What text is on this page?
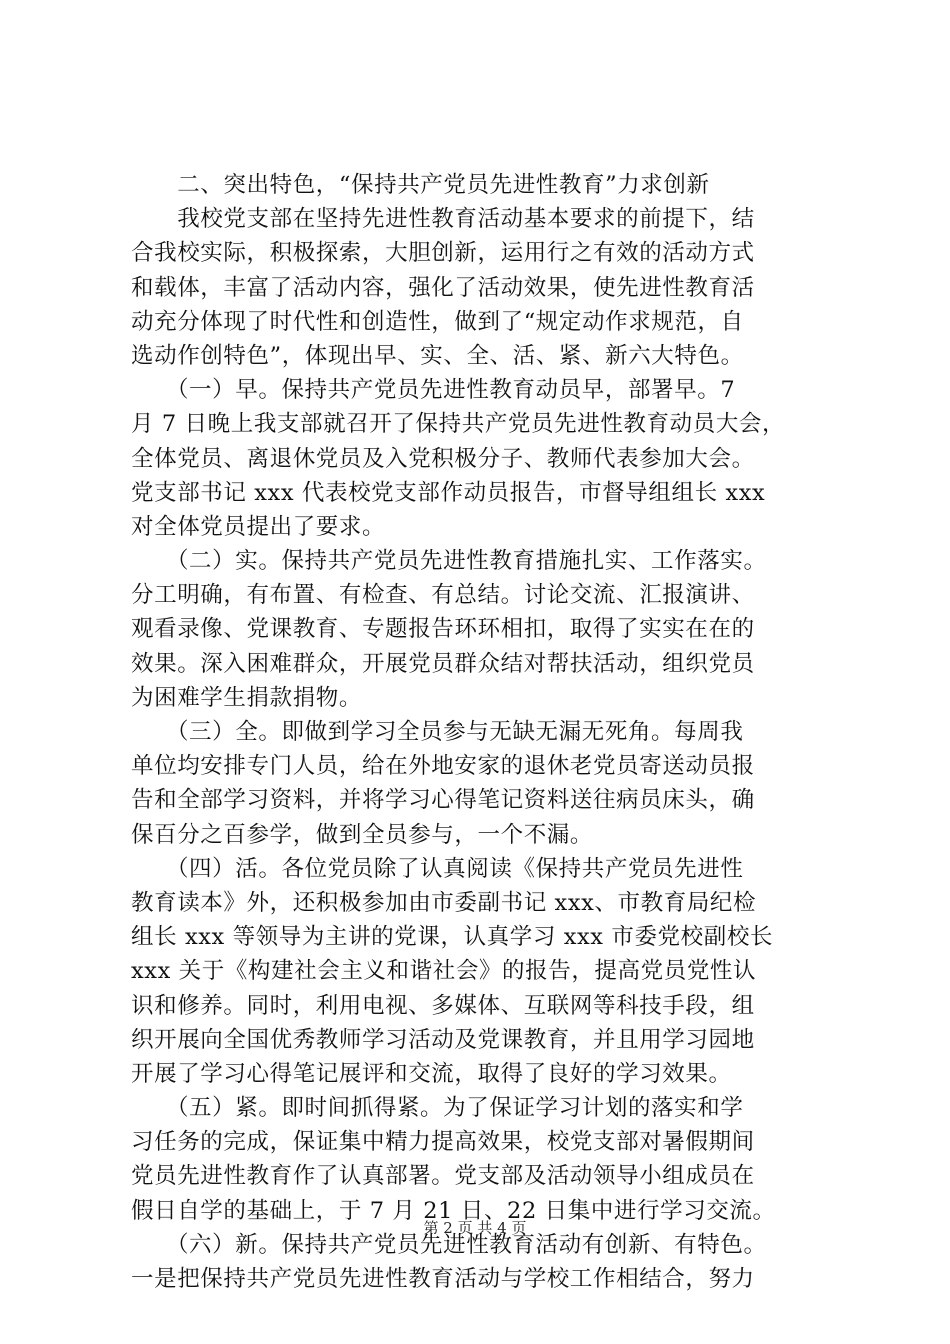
　　二、突出特色，“保持共产党员先进性教育”力求创新
　　我校党支部在坚持先进性教育活动基本要求的前提下，结
合我校实际，积极探索，大胆创新，运用行之有效的活动方式
和载体，丰富了活动内容，强化了活动效果，使先进性教育活
动充分体现了时代性和创造性，做到了“规定动作求规范，自
选动作创特色”，体现出早、实、全、活、紧、新六大特色。
　　（一）早。保持共产党员先进性教育动员早，部署早。7
月 7 日晚上我支部就召开了保持共产党员先进性教育动员大会，
全体党员、离退休党员及入党积极分子、教师代表参加大会。
党支部书记 xxx 代表校党支部作动员报告，市督导组组长 xxx
对全体党员提出了要求。
　　（二）实。保持共产党员先进性教育措施扎实、工作落实。
分工明确，有布置、有检查、有总结。讨论交流、汇报演讲、
观看录像、党课教育、专题报告环环相扣，取得了实实在在的
效果。深入困难群众，开展党员群众结对帮扶活动，组织党员
为困难学生捐款捐物。
　　（三）全。即做到学习全员参与无缺无漏无死角。每周我
单位均安排专门人员，给在外地安家的退休老党员寄送动员报
告和全部学习资料，并将学习心得笔记资料送往病员床头，确
保百分之百参学，做到全员参与，一个不漏。
　　（四）活。各位党员除了认真阅读《保持共产党员先进性
教育读本》外，还积极参加由市委副书记 xxx、市教育局纪检
组长 xxx 等领导为主讲的党课，认真学习 xxx 市委党校副校长
xxx 关于《构建社会主义和谐社会》的报告，提高党员党性认
识和修养。同时，利用电视、多媒体、互联网等科技手段，组
织开展向全国优秀教师学习活动及党课教育，并且用学习园地
开展了学习心得笔记展评和交流，取得了良好的学习效果。
　　（五）紧。即时间抓得紧。为了保证学习计划的落实和学
习任务的完成，保证集中精力提高效果，校党支部对暑假期间
党员先进性教育作了认真部署。党支部及活动领导小组成员在
假日自学的基础上，于 7 月 21 日、22 日集中进行学习交流。
　　（六）新。保持共产党员先进性教育活动有创新、有特色。
一是把保持共产党员先进性教育活动与学校工作相结合，努力
第 2 页 共 4 页
